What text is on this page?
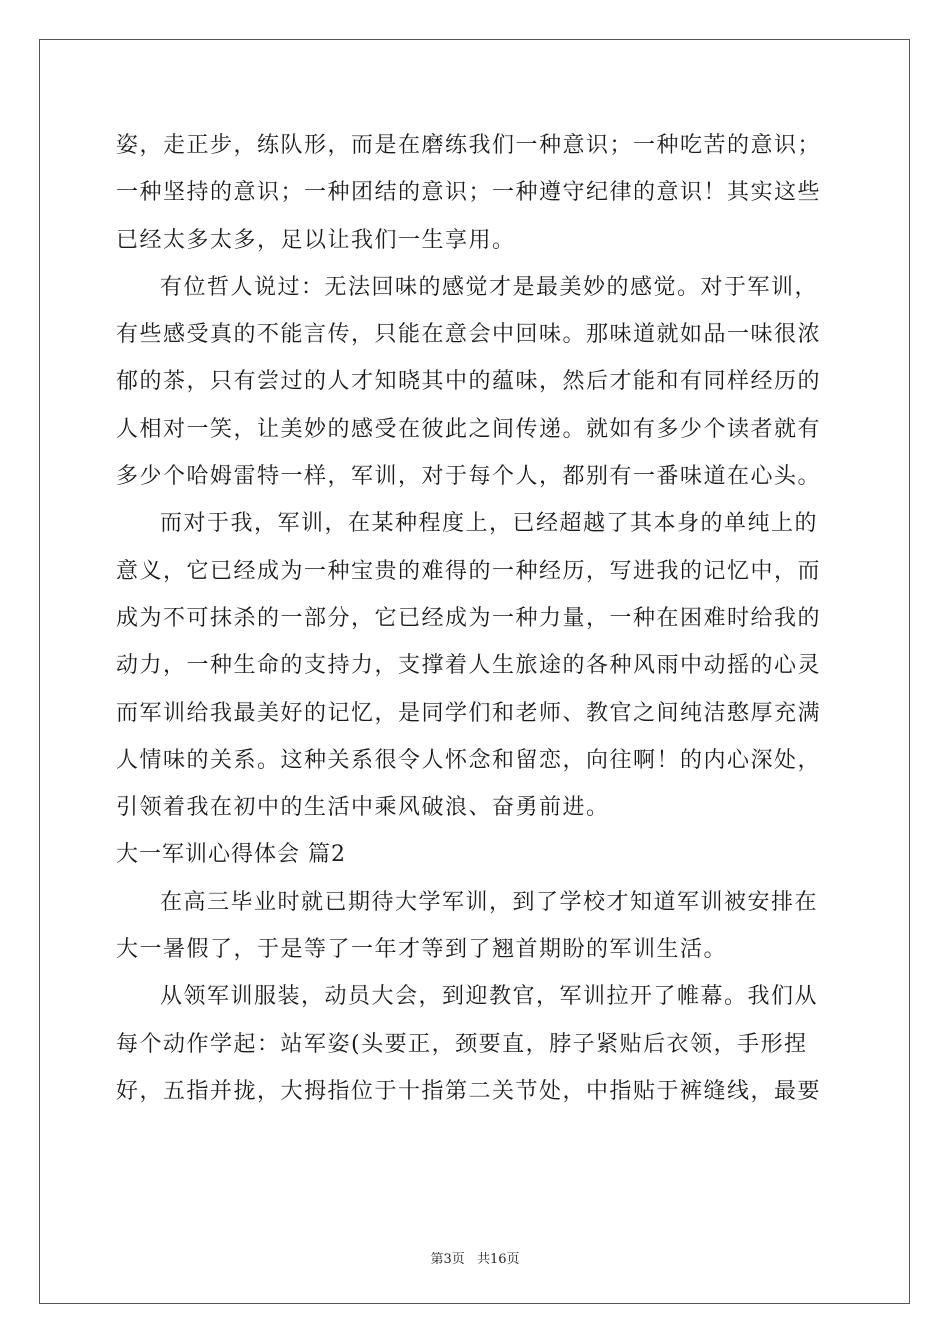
姿，走正步，练队形，而是在磨练我们一种意识；一种吃苦的意识；
一种坚持的意识；一种团结的意识；一种遵守纪律的意识！其实这些
已经太多太多，足以让我们一生享用。
有位哲人说过：无法回味的感觉才是最美妙的感觉。对于军训，
有些感受真的不能言传，只能在意会中回味。那味道就如品一味很浓
郁的茶，只有尝过的人才知晓其中的蕴味，然后才能和有同样经历的
人相对一笑，让美妙的感受在彼此之间传递。就如有多少个读者就有
多少个哈姆雷特一样，军训，对于每个人，都别有一番味道在心头。
而对于我，军训，在某种程度上，已经超越了其本身的单纯上的
意义，它已经成为一种宝贵的难得的一种经历，写进我的记忆中，而
成为不可抹杀的一部分，它已经成为一种力量，一种在困难时给我的
动力，一种生命的支持力，支撑着人生旅途的各种风雨中动摇的心灵
而军训给我最美好的记忆，是同学们和老师、教官之间纯洁憨厚充满
人情味的关系。这种关系很令人怀念和留恋，向往啊！的内心深处，
引领着我在初中的生活中乘风破浪、奋勇前进。
大一军训心得体会 篇2
在高三毕业时就已期待大学军训，到了学校才知道军训被安排在
大一暑假了，于是等了一年才等到了翘首期盼的军训生活。
从领军训服装，动员大会，到迎教官，军训拉开了帷幕。我们从
每个动作学起：站军姿(头要正，颈要直，脖子紧贴后衣领，手形捏
好，五指并拢，大拇指位于十指第二关节处，中指贴于裤缝线，最要
第3页 共16页
